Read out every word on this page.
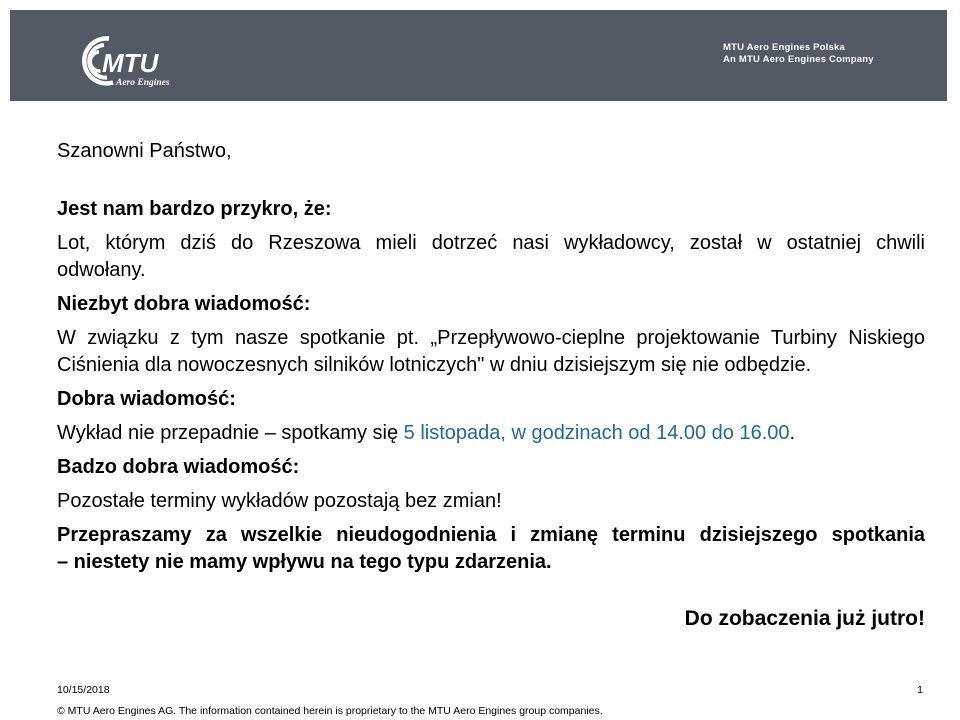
MTU
Aero Engines
MTU Aero Engines Polska
An MTU Aero Engines Company

Szanowni Państwo,

Jest nam bardzo przykro, że:

Lot, którym dziś do Rzeszowa mieli dotrzeć nasi wykładowcy, został w ostatniej chwili
odwołany.

Niezbyt dobra wiadomość:

W związku z tym nasze spotkanie pt. „Przepływowo-cieplne projektowanie Turbiny Niskiego
Ciśnienia dla nowoczesnych silników lotniczych" w dniu dzisiejszym się nie odbędzie.

Dobra wiadomość:

Wykład nie przepadnie – spotkamy się 5 listopada, w godzinach od 14.00 do 16.00.

Badzo dobra wiadomość:

Pozostałe terminy wykładów pozostają bez zmian!

Przepraszamy za wszelkie nieudogodnienia i zmianę terminu dzisiejszego spotkania
– niestety nie mamy wpływu na tego typu zdarzenia.

Do zobaczenia już jutro!

10/15/2018	1
© MTU Aero Engines AG. The information contained herein is proprietary to the MTU Aero Engines group companies.
